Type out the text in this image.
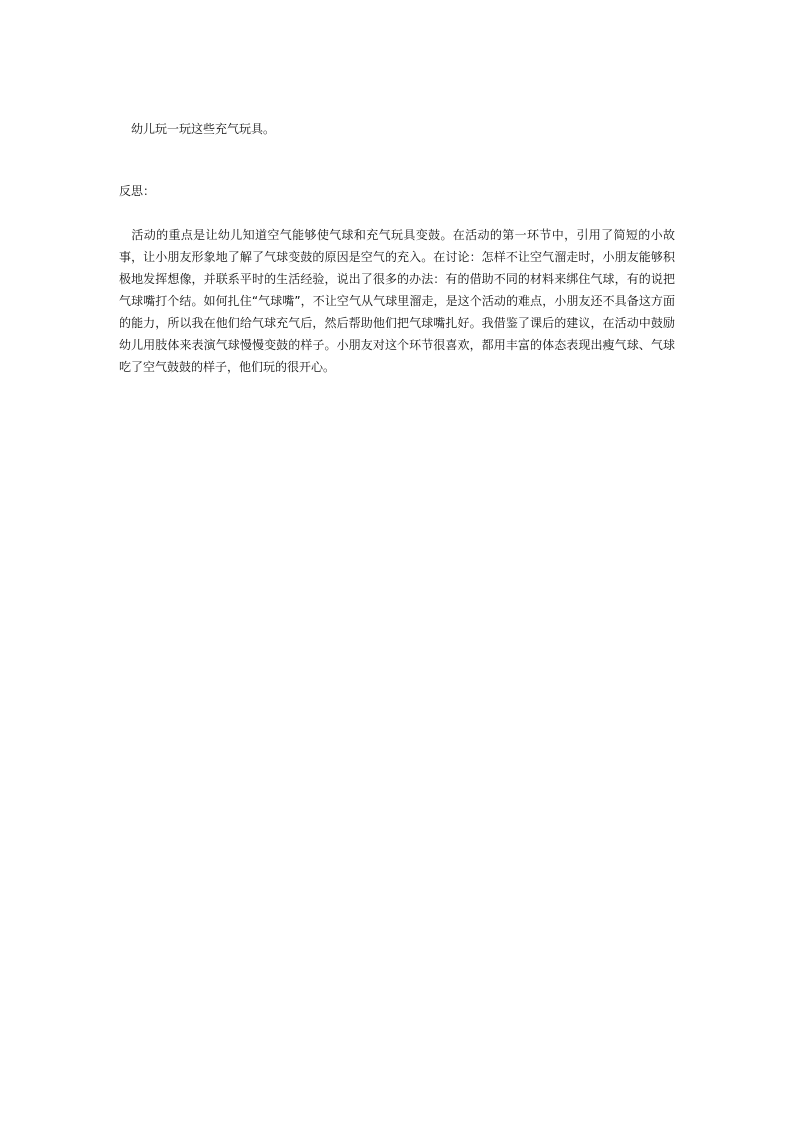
　幼儿玩一玩这些充气玩具。

反思：

　活动的重点是让幼儿知道空气能够使气球和充气玩具变鼓。在活动的第一环节中，引用了简短的小故事，让小朋友形象地了解了气球变鼓的原因是空气的充入。在讨论：怎样不让空气溜走时，小朋友能够积极地发挥想像，并联系平时的生活经验，说出了很多的办法：有的借助不同的材料来绑住气球，有的说把气球嘴打个结。如何扎住“气球嘴”，不让空气从气球里溜走，是这个活动的难点，小朋友还不具备这方面的能力，所以我在他们给气球充气后，然后帮助他们把气球嘴扎好。我借鉴了课后的建议，在活动中鼓励幼儿用肢体来表演气球慢慢变鼓的样子。小朋友对这个环节很喜欢，都用丰富的体态表现出瘦气球、气球吃了空气鼓鼓的样子，他们玩的很开心。
